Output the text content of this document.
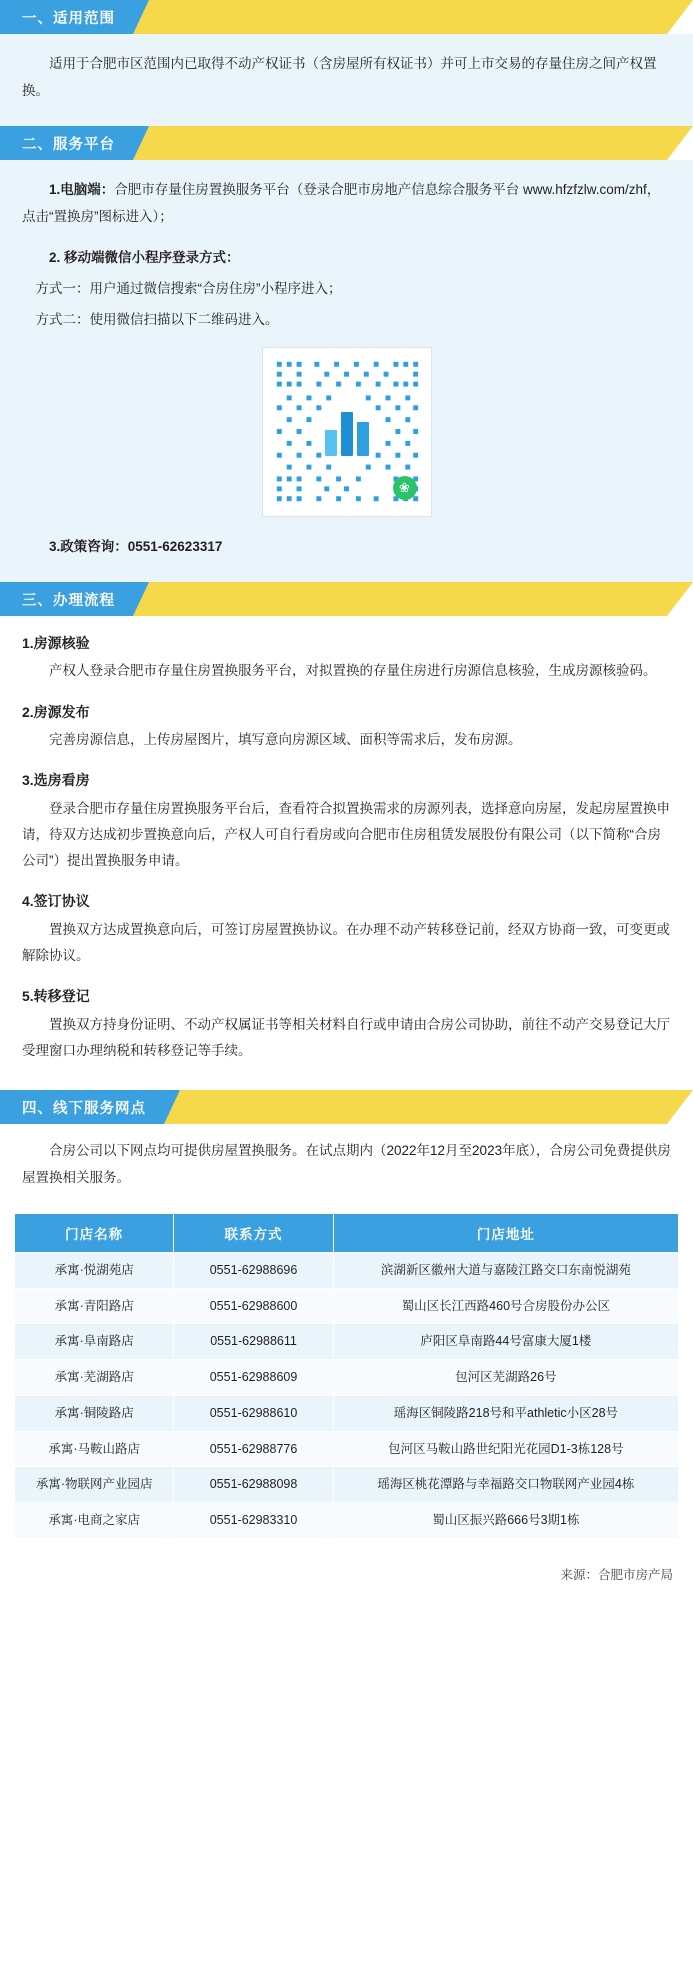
一、适用范围

适用于合肥市区范围内已取得不动产权证书（含房屋所有权证书）并可上市交易的存量住房之间产权置换。

二、服务平台

1.电脑端：合肥市存量住房置换服务平台（登录合肥市房地产信息综合服务平台 www.hfzfzlw.com/zhf，点击“置换房”图标进入）；

2. 移动端微信小程序登录方式：

方式一：用户通过微信搜索“合房住房”小程序进入；

方式二：使用微信扫描以下二维码进入。

❀

3.政策咨询：0551-62623317

三、办理流程

1.房源核验

产权人登录合肥市存量住房置换服务平台，对拟置换的存量住房进行房源信息核验，生成房源核验码。

2.房源发布

完善房源信息，上传房屋图片，填写意向房源区域、面积等需求后，发布房源。

3.选房看房

登录合肥市存量住房置换服务平台后，查看符合拟置换需求的房源列表，选择意向房屋，发起房屋置换申请，待双方达成初步置换意向后，产权人可自行看房或向合肥市住房租赁发展股份有限公司（以下简称“合房公司”）提出置换服务申请。

4.签订协议

置换双方达成置换意向后，可签订房屋置换协议。在办理不动产转移登记前，经双方协商一致，可变更或解除协议。

5.转移登记

置换双方持身份证明、不动产权属证书等相关材料自行或申请由合房公司协助，前往不动产交易登记大厅受理窗口办理纳税和转移登记等手续。

四、线下服务网点

合房公司以下网点均可提供房屋置换服务。在试点期内（2022年12月至2023年底），合房公司免费提供房屋置换相关服务。

门店名称	联系方式	门店地址
承寓·悦湖苑店	0551-62988696	滨湖新区徽州大道与嘉陵江路交口东南悦湖苑
承寓·青阳路店	0551-62988600	蜀山区长江西路460号合房股份办公区
承寓·阜南路店	0551-62988611	庐阳区阜南路44号富康大厦1楼
承寓·芜湖路店	0551-62988609	包河区芜湖路26号
承寓·铜陵路店	0551-62988610	瑶海区铜陵路218号和平athletic小区28号
承寓·马鞍山路店	0551-62988776	包河区马鞍山路世纪阳光花园D1-3栋128号
承寓·物联网产业园店	0551-62988098	瑶海区桃花潭路与幸福路交口物联网产业园4栋
承寓·电商之家店	0551-62983310	蜀山区振兴路666号3期1栋
来源：合肥市房产局
